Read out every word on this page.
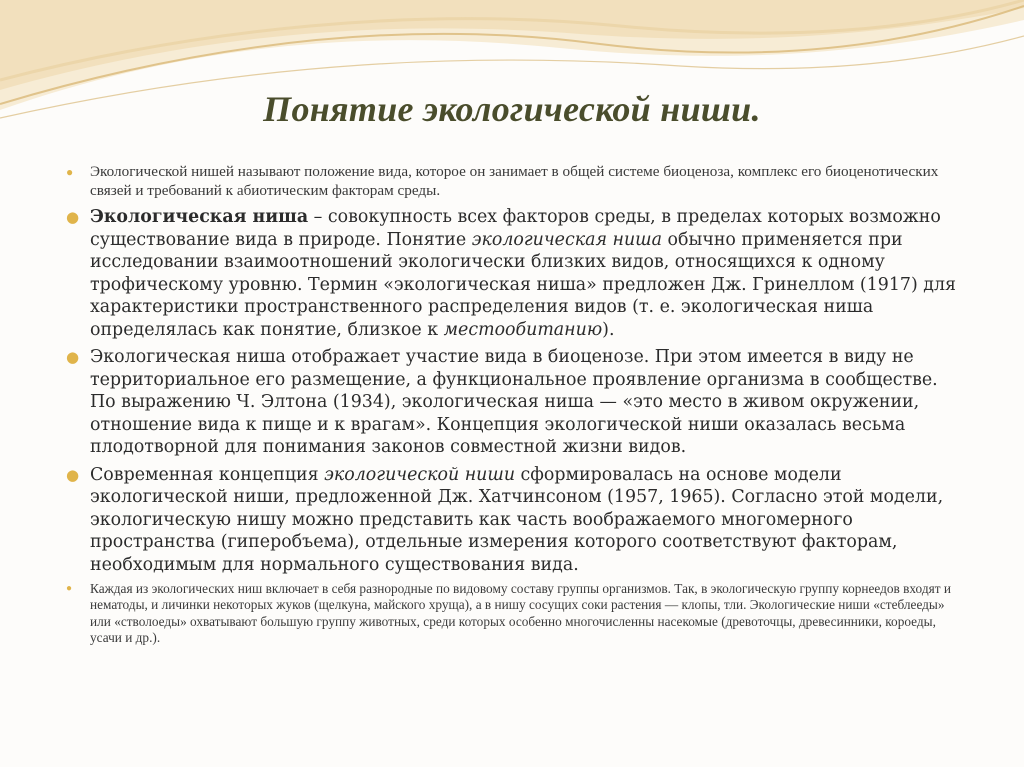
Понятие экологической ниши.
● Экологической нишей называют положение вида, которое он занимает в общей системе биоценоза, комплекс его биоценотических связей и требований к абиотическим факторам среды.
● Экологическая ниша – совокупность всех факторов среды, в пределах которых возможно существование вида в природе. Понятие экологическая ниша обычно применяется при исследовании взаимоотношений экологически близких видов, относящихся к одному трофическому уровню. Термин «экологическая ниша» предложен Дж. Гринеллом (1917) для характеристики пространственного распределения видов (т. е. экологическая ниша определялась как понятие, близкое к местообитанию).
● Экологическая ниша отображает участие вида в биоценозе. При этом имеется в виду не территориальное его размещение, а функциональное проявление организма в сообществе. По выражению Ч. Элтона (1934), экологическая ниша — «это место в живом окружении, отношение вида к пище и к врагам». Концепция экологической ниши оказалась весьма плодотворной для понимания законов совместной жизни видов.
● Современная концепция экологической ниши сформировалась на основе модели экологической ниши, предложенной Дж. Хатчинсоном (1957, 1965). Согласно этой модели, экологическую нишу можно представить как часть воображаемого многомерного пространства (гиперобъема), отдельные измерения которого соответствуют факторам, необходимым для нормального существования вида.
● Каждая из экологических ниш включает в себя разнородные по видовому составу группы организмов. Так, в экологическую группу корнеедов входят и нематоды, и личинки некоторых жуков (щелкуна, майского хруща), а в нишу сосущих соки растения — клопы, тли. Экологические ниши «стеблееды» или «стволоеды» охватывают большую группу животных, среди которых особенно многочисленны насекомые (древоточцы, древесинники, короеды, усачи и др.).
